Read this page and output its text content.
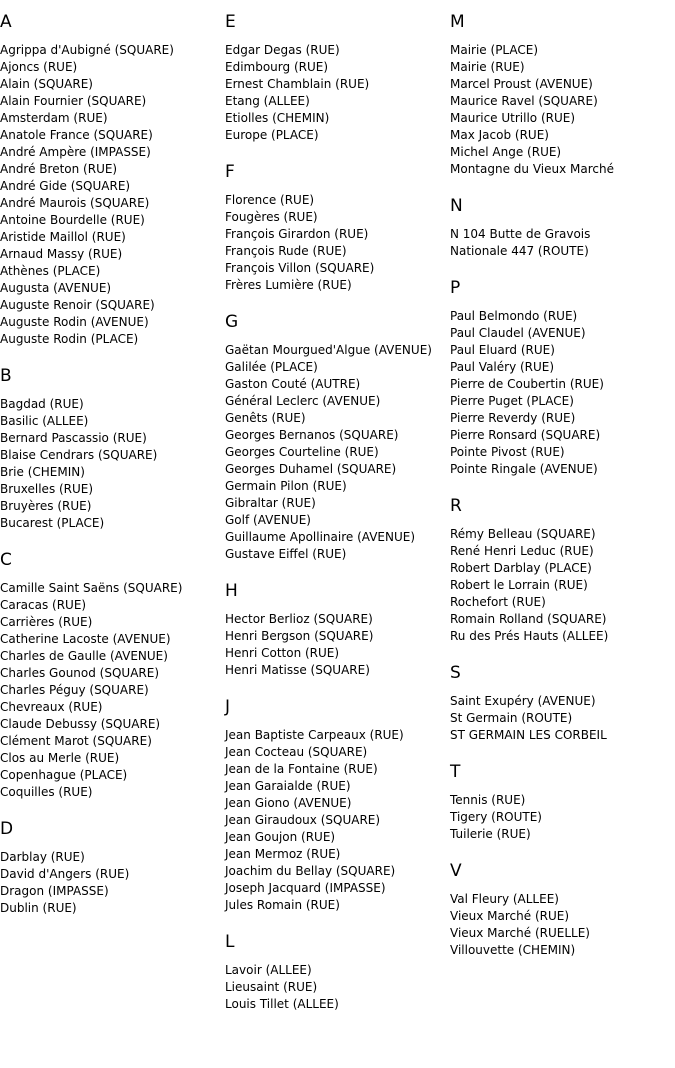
A
Agrippa d'Aubigné (SQUARE)
Ajoncs (RUE)
Alain (SQUARE)
Alain Fournier (SQUARE)
Amsterdam (RUE)
Anatole France (SQUARE)
André Ampère (IMPASSE)
André Breton (RUE)
André Gide (SQUARE)
André Maurois (SQUARE)
Antoine Bourdelle (RUE)
Aristide Maillol (RUE)
Arnaud Massy (RUE)
Athènes (PLACE)
Augusta (AVENUE)
Auguste Renoir (SQUARE)
Auguste Rodin (AVENUE)
Auguste Rodin (PLACE)
B
Bagdad (RUE)
Basilic (ALLEE)
Bernard Pascassio (RUE)
Blaise Cendrars (SQUARE)
Brie (CHEMIN)
Bruxelles (RUE)
Bruyères (RUE)
Bucarest (PLACE)
C
Camille Saint Saëns (SQUARE)
Caracas (RUE)
Carrières (RUE)
Catherine Lacoste (AVENUE)
Charles de Gaulle (AVENUE)
Charles Gounod (SQUARE)
Charles Péguy (SQUARE)
Chevreaux (RUE)
Claude Debussy (SQUARE)
Clément Marot (SQUARE)
Clos au Merle (RUE)
Copenhague (PLACE)
Coquilles (RUE)
D
Darblay (RUE)
David d'Angers (RUE)
Dragon (IMPASSE)
Dublin (RUE)
E
Edgar Degas (RUE)
Edimbourg (RUE)
Ernest Chamblain (RUE)
Etang (ALLEE)
Etiolles (CHEMIN)
Europe (PLACE)
F
Florence (RUE)
Fougères (RUE)
François Girardon (RUE)
François Rude (RUE)
François Villon (SQUARE)
Frères Lumière (RUE)
G
Gaëtan Mourgued'Algue (AVENUE)
Galilée (PLACE)
Gaston Couté (AUTRE)
Général Leclerc (AVENUE)
Genêts (RUE)
Georges Bernanos (SQUARE)
Georges Courteline (RUE)
Georges Duhamel (SQUARE)
Germain Pilon (RUE)
Gibraltar (RUE)
Golf (AVENUE)
Guillaume Apollinaire (AVENUE)
Gustave Eiffel (RUE)
H
Hector Berlioz (SQUARE)
Henri Bergson (SQUARE)
Henri Cotton (RUE)
Henri Matisse (SQUARE)
J
Jean Baptiste Carpeaux (RUE)
Jean Cocteau (SQUARE)
Jean de la Fontaine (RUE)
Jean Garaialde (RUE)
Jean Giono (AVENUE)
Jean Giraudoux (SQUARE)
Jean Goujon (RUE)
Jean Mermoz (RUE)
Joachim du Bellay (SQUARE)
Joseph Jacquard (IMPASSE)
Jules Romain (RUE)
L
Lavoir (ALLEE)
Lieusaint (RUE)
Louis Tillet (ALLEE)
M
Mairie (PLACE)
Mairie (RUE)
Marcel Proust (AVENUE)
Maurice Ravel (SQUARE)
Maurice Utrillo (RUE)
Max Jacob (RUE)
Michel Ange (RUE)
Montagne du Vieux Marché
N
N 104 Butte de Gravois
Nationale 447 (ROUTE)
P
Paul Belmondo (RUE)
Paul Claudel (AVENUE)
Paul Eluard (RUE)
Paul Valéry (RUE)
Pierre de Coubertin (RUE)
Pierre Puget (PLACE)
Pierre Reverdy (RUE)
Pierre Ronsard (SQUARE)
Pointe Pivost (RUE)
Pointe Ringale (AVENUE)
R
Rémy Belleau (SQUARE)
René Henri Leduc (RUE)
Robert Darblay (PLACE)
Robert le Lorrain (RUE)
Rochefort (RUE)
Romain Rolland (SQUARE)
Ru des Prés Hauts (ALLEE)
S
Saint Exupéry (AVENUE)
St Germain (ROUTE)
ST GERMAIN LES CORBEIL
T
Tennis (RUE)
Tigery (ROUTE)
Tuilerie (RUE)
V
Val Fleury (ALLEE)
Vieux Marché (RUE)
Vieux Marché (RUELLE)
Villouvette (CHEMIN)
